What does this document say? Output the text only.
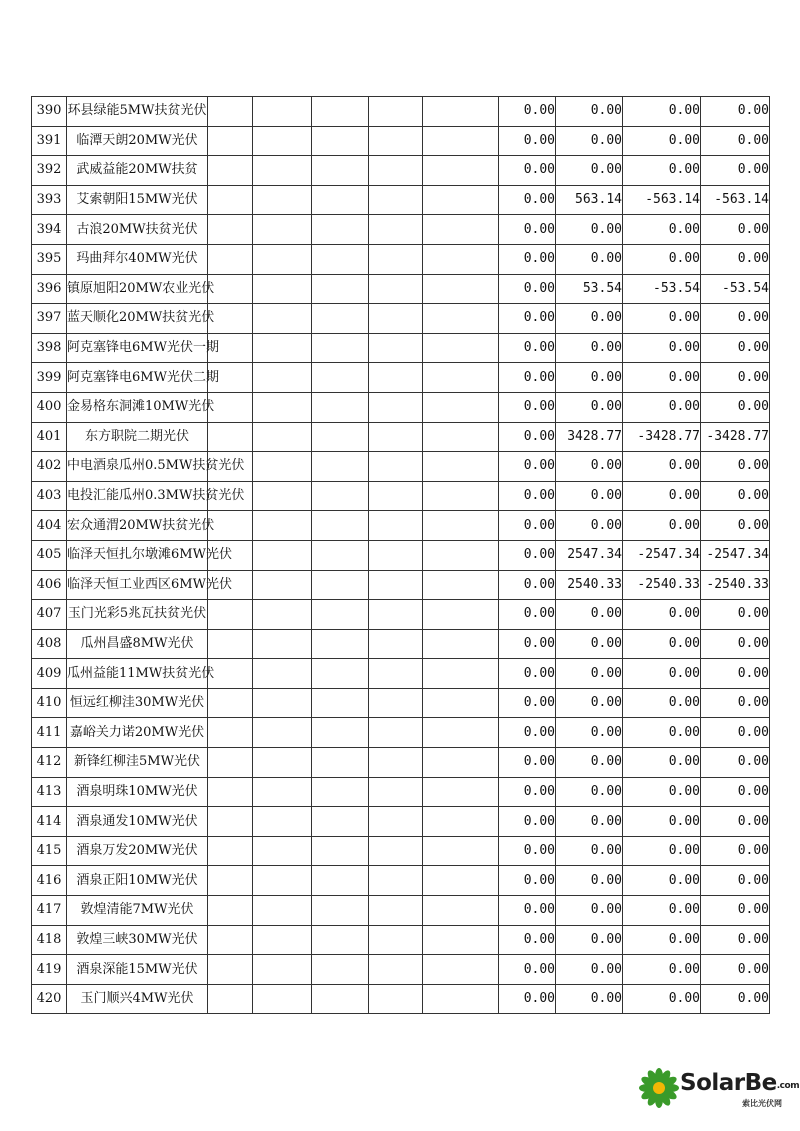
390	环县绿能5MW扶贫光伏						0.00	0.00	0.00	0.00
391	临潭天朗20MW光伏						0.00	0.00	0.00	0.00
392	武威益能20MW扶贫						0.00	0.00	0.00	0.00
393	艾索朝阳15MW光伏						0.00	563.14	-563.14	-563.14
394	古浪20MW扶贫光伏						0.00	0.00	0.00	0.00
395	玛曲拜尔40MW光伏						0.00	0.00	0.00	0.00
396	镇原旭阳20MW农业光伏						0.00	53.54	-53.54	-53.54
397	蓝天顺化20MW扶贫光伏						0.00	0.00	0.00	0.00
398	阿克塞锋电6MW光伏一期						0.00	0.00	0.00	0.00
399	阿克塞锋电6MW光伏二期						0.00	0.00	0.00	0.00
400	金易格东洞滩10MW光伏						0.00	0.00	0.00	0.00
401	东方职院二期光伏						0.00	3428.77	-3428.77	-3428.77
402	中电酒泉瓜州0.5MW扶贫光伏						0.00	0.00	0.00	0.00
403	电投汇能瓜州0.3MW扶贫光伏						0.00	0.00	0.00	0.00
404	宏众通渭20MW扶贫光伏						0.00	0.00	0.00	0.00
405	临泽天恒扎尔墩滩6MW光伏						0.00	2547.34	-2547.34	-2547.34
406	临泽天恒工业西区6MW光伏						0.00	2540.33	-2540.33	-2540.33
407	玉门光彩5兆瓦扶贫光伏						0.00	0.00	0.00	0.00
408	瓜州昌盛8MW光伏						0.00	0.00	0.00	0.00
409	瓜州益能11MW扶贫光伏						0.00	0.00	0.00	0.00
410	恒远红柳洼30MW光伏						0.00	0.00	0.00	0.00
411	嘉峪关力诺20MW光伏						0.00	0.00	0.00	0.00
412	新锋红柳洼5MW光伏						0.00	0.00	0.00	0.00
413	酒泉明珠10MW光伏						0.00	0.00	0.00	0.00
414	酒泉通发10MW光伏						0.00	0.00	0.00	0.00
415	酒泉万发20MW光伏						0.00	0.00	0.00	0.00
416	酒泉正阳10MW光伏						0.00	0.00	0.00	0.00
417	敦煌清能7MW光伏						0.00	0.00	0.00	0.00
418	敦煌三峡30MW光伏						0.00	0.00	0.00	0.00
419	酒泉深能15MW光伏						0.00	0.00	0.00	0.00
420	玉门顺兴4MW光伏						0.00	0.00	0.00	0.00
SolarBe.com
索比光伏网
